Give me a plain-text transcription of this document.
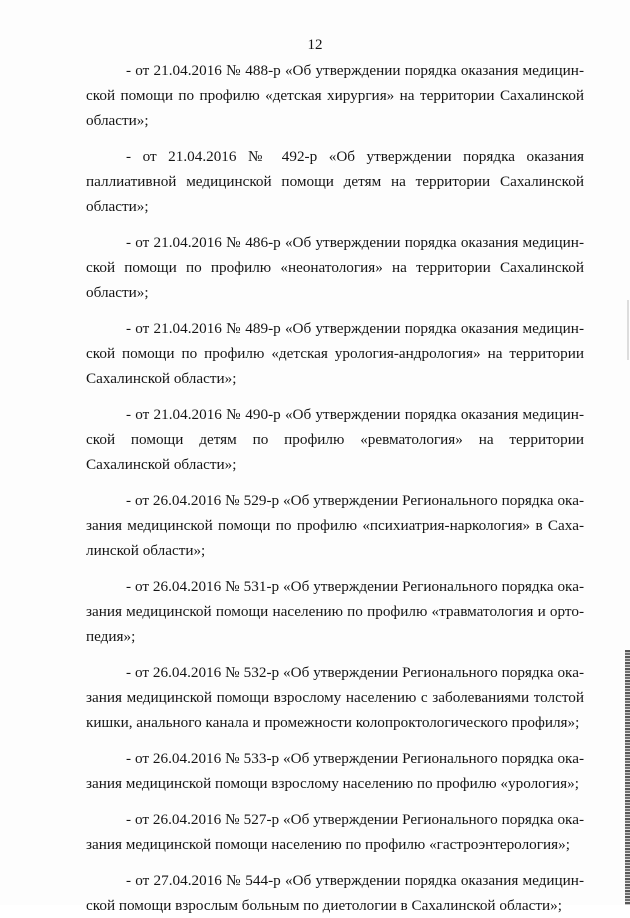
12

- от 21.04.2016 № 488-р «Об утверждении порядка оказания медицинской помощи по профилю «детская хирургия» на территории Сахалинской области»;

- от 21.04.2016 № 492-р «Об утверждении порядка оказания паллиативной медицинской помощи детям на территории Сахалинской области»;

- от 21.04.2016 № 486-р «Об утверждении порядка оказания медицинской помощи по профилю «неонатология» на территории Сахалинской области»;

- от 21.04.2016 № 489-р «Об утверждении порядка оказания медицинской помощи по профилю «детская урология-андрология» на территории Сахалинской области»;

- от 21.04.2016 № 490-р «Об утверждении порядка оказания медицинской помощи детям по профилю «ревматология» на территории Сахалинской области»;

- от 26.04.2016 № 529-р «Об утверждении Регионального порядка оказания медицинской помощи по профилю «психиатрия-наркология» в Сахалинской области»;

- от 26.04.2016 № 531-р «Об утверждении Регионального порядка оказания медицинской помощи населению по профилю «травматология и ортопедия»;

- от 26.04.2016 № 532-р «Об утверждении Регионального порядка оказания медицинской помощи взрослому населению с заболеваниями толстой кишки, анального канала и промежности колопроктологического профиля»;

- от 26.04.2016 № 533-р «Об утверждении Регионального порядка оказания медицинской помощи взрослому населению по профилю «урология»;

- от 26.04.2016 № 527-р «Об утверждении Регионального порядка оказания медицинской помощи населению по профилю «гастроэнтерология»;

- от 27.04.2016 № 544-р «Об утверждении порядка оказания медицинской помощи взрослым больным по диетологии в Сахалинской области»;
